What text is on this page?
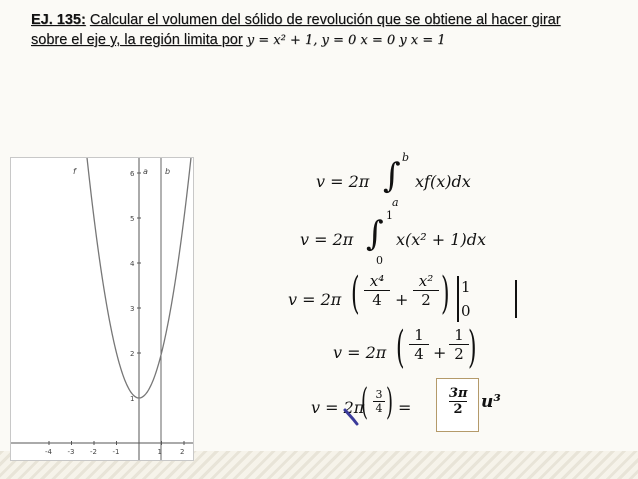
EJ. 135: Calcular el volumen del sólido de revolución que se obtiene al hacer girar
sobre el eje y, la región limita por y = x² + 1, y = 0 x = 0 y x = 1
-4 -3 -2 -1	1	2
6
5
4
3
2
1
f	a b
v = 2π ∫ b
a
xf(x)dx
v = 2π ∫ 1
0
x(x² + 1)dx
v = 2π ( $\frac{\text{x⁴}}{4} + \frac{\text{x²}}{2}$ ) 1
0
v = 2π ( $\frac{1}{4} + \frac{1}{2}$ )
v = 2π
( $\frac{3}{4}$ ) =	$\frac{3\pi}{2} u^3$
